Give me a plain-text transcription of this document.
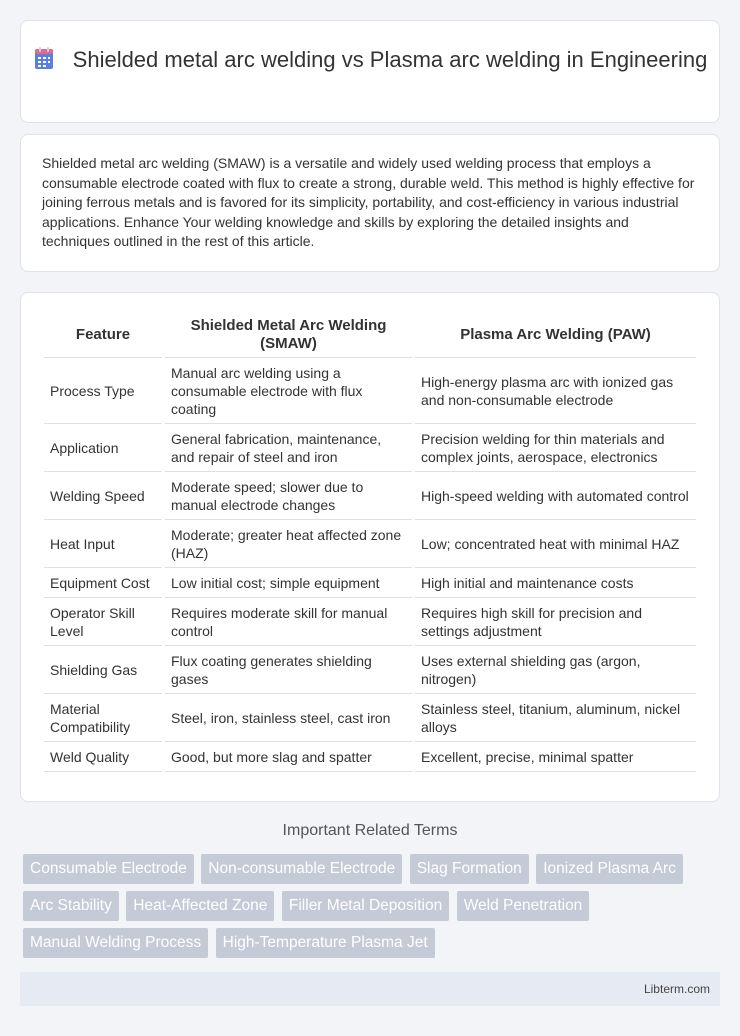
Shielded metal arc welding vs Plasma arc welding in Engineering

Shielded metal arc welding (SMAW) is a versatile and widely used welding process that employs a consumable electrode coated with flux to create a strong, durable weld. This method is highly effective for joining ferrous metals and is favored for its simplicity, portability, and cost-efficiency in various industrial applications. Enhance Your welding knowledge and skills by exploring the detailed insights and techniques outlined in the rest of this article.

Feature	Shielded Metal Arc Welding (SMAW)	Plasma Arc Welding (PAW)
Process Type	Manual arc welding using a consumable electrode with flux coating	High-energy plasma arc with ionized gas and non-consumable electrode
Application	General fabrication, maintenance, and repair of steel and iron	Precision welding for thin materials and complex joints, aerospace, electronics
Welding Speed	Moderate speed; slower due to manual electrode changes	High-speed welding with automated control
Heat Input	Moderate; greater heat affected zone (HAZ)	Low; concentrated heat with minimal HAZ
Equipment Cost	Low initial cost; simple equipment	High initial and maintenance costs
Operator Skill Level	Requires moderate skill for manual control	Requires high skill for precision and settings adjustment
Shielding Gas	Flux coating generates shielding gases	Uses external shielding gas (argon, nitrogen)
Material Compatibility	Steel, iron, stainless steel, cast iron	Stainless steel, titanium, aluminum, nickel alloys
Weld Quality	Good, but more slag and spatter	Excellent, precise, minimal spatter
Important Related Terms
Consumable Electrode Non-consumable Electrode Slag Formation Ionized Plasma Arc Arc Stability Heat-Affected Zone Filler Metal Deposition Weld Penetration Manual Welding Process High-Temperature Plasma Jet
Libterm.com
